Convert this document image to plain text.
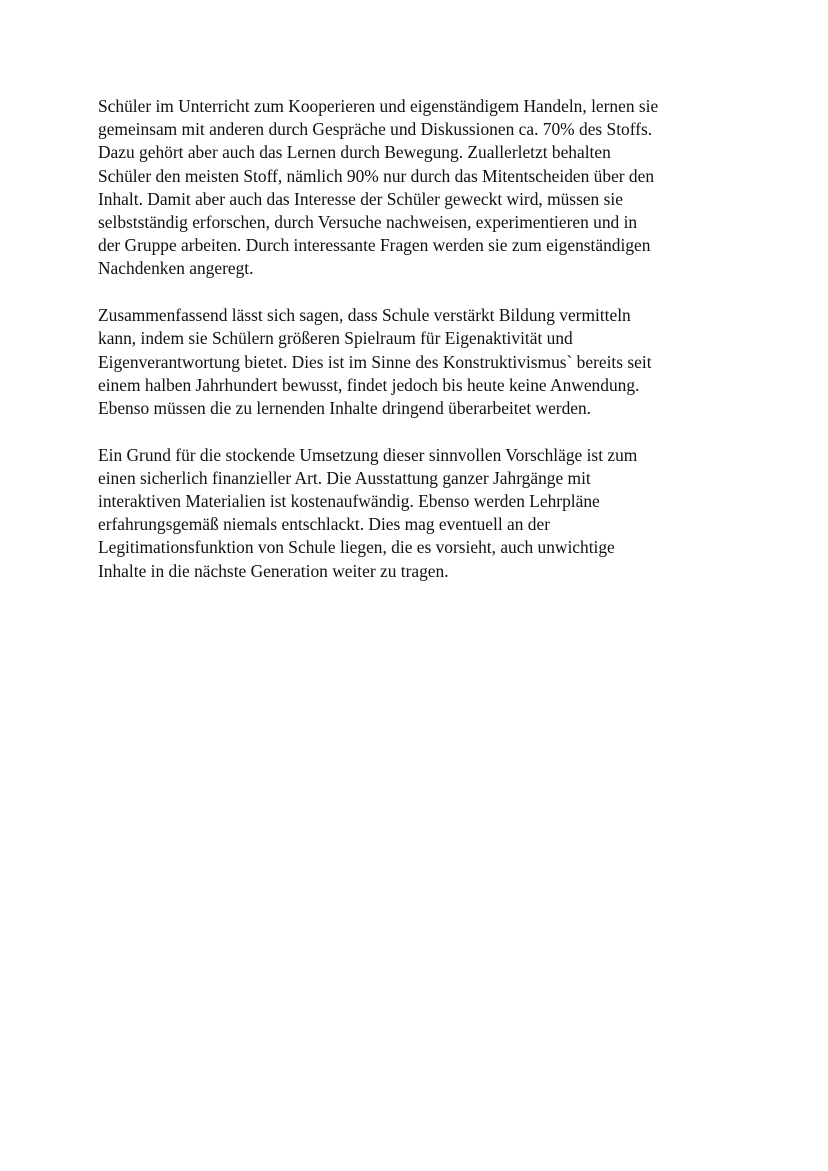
Schüler im Unterricht zum Kooperieren und eigenständigem Handeln, lernen sie
gemeinsam mit anderen durch Gespräche und Diskussionen ca. 70% des Stoffs.
Dazu gehört aber auch das Lernen durch Bewegung. Zuallerletzt behalten
Schüler den meisten Stoff, nämlich 90% nur durch das Mitentscheiden über den
Inhalt. Damit aber auch das Interesse der Schüler geweckt wird, müssen sie
selbstständig erforschen, durch Versuche nachweisen, experimentieren und in
der Gruppe arbeiten. Durch interessante Fragen werden sie zum eigenständigen
Nachdenken angeregt.

Zusammenfassend lässt sich sagen, dass Schule verstärkt Bildung vermitteln
kann, indem sie Schülern größeren Spielraum für Eigenaktivität und
Eigenverantwortung bietet. Dies ist im Sinne des Konstruktivismus` bereits seit
einem halben Jahrhundert bewusst, findet jedoch bis heute keine Anwendung.
Ebenso müssen die zu lernenden Inhalte dringend überarbeitet werden.

Ein Grund für die stockende Umsetzung dieser sinnvollen Vorschläge ist zum
einen sicherlich finanzieller Art. Die Ausstattung ganzer Jahrgänge mit
interaktiven Materialien ist kostenaufwändig. Ebenso werden Lehrpläne
erfahrungsgemäß niemals entschlackt. Dies mag eventuell an der
Legitimationsfunktion von Schule liegen, die es vorsieht, auch unwichtige
Inhalte in die nächste Generation weiter zu tragen.
